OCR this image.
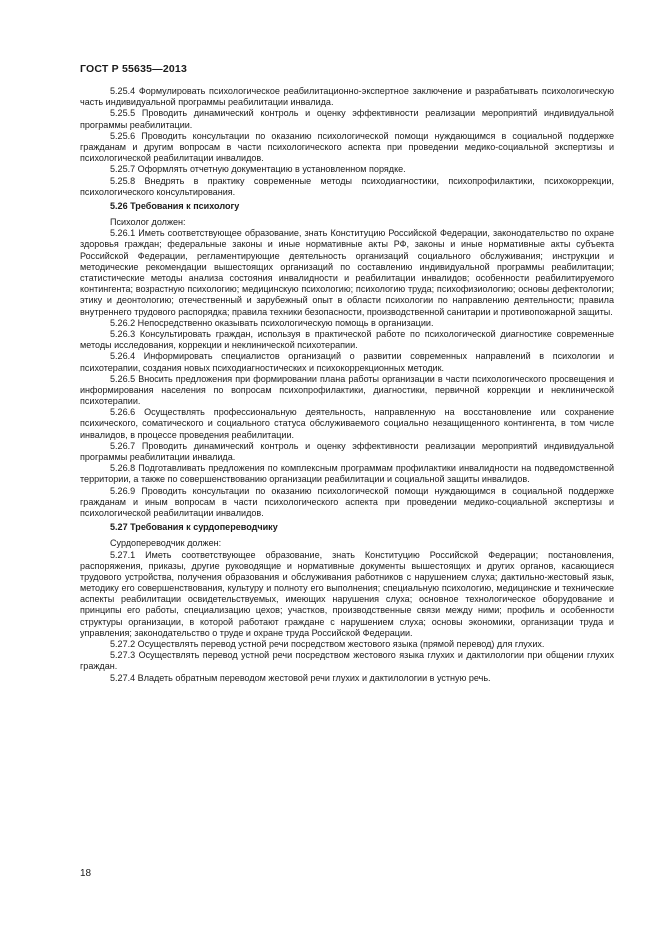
ГОСТ Р 55635—2013

5.25.4 Формулировать психологическое реабилитационно-экспертное заключение и разрабатывать психологическую часть индивидуальной программы реабилитации инвалида.

5.25.5 Проводить динамический контроль и оценку эффективности реализации мероприятий индивидуальной программы реабилитации.

5.25.6 Проводить консультации по оказанию психологической помощи нуждающимся в социальной поддержке гражданам и другим вопросам в части психологического аспекта при проведении медико-социальной экспертизы и психологической реабилитации инвалидов.

5.25.7 Оформлять отчетную документацию в установленном порядке.

5.25.8 Внедрять в практику современные методы психодиагностики, психопрофилактики, психокоррекции, психологического консультирования.

5.26 Требования к психологу

Психолог должен:

5.26.1 Иметь соответствующее образование, знать Конституцию Российской Федерации, законодательство по охране здоровья граждан; федеральные законы и иные нормативные акты РФ, законы и иные нормативные акты субъекта Российской Федерации, регламентирующие деятельность организаций социального обслуживания; инструкции и методические рекомендации вышестоящих организаций по составлению индивидуальной программы реабилитации; статистические методы анализа состояния инвалидности и реабилитации инвалидов; особенности реабилитируемого контингента; возрастную психологию; медицинскую психологию; психологию труда; психофизиологию; основы дефектологии; этику и деонтологию; отечественный и зарубежный опыт в области психологии по направлению деятельности; правила внутреннего трудового распорядка; правила техники безопасности, производственной санитарии и противопожарной защиты.

5.26.2 Непосредственно оказывать психологическую помощь в организации.

5.26.3 Консультировать граждан, используя в практической работе по психологической диагностике современные методы исследования, коррекции и неклинической психотерапии.

5.26.4 Информировать специалистов организаций о развитии современных направлений в психологии и психотерапии, создания новых психодиагностических и психокоррекционных методик.

5.26.5 Вносить предложения при формировании плана работы организации в части психологического просвещения и информирования населения по вопросам психопрофилактики, диагностики, первичной коррекции и неклинической психотерапии.

5.26.6 Осуществлять профессиональную деятельность, направленную на восстановление или сохранение психического, соматического и социального статуса обслуживаемого социально незащищенного контингента, в том числе инвалидов, в процессе проведения реабилитации.

5.26.7 Проводить динамический контроль и оценку эффективности реализации мероприятий индивидуальной программы реабилитации инвалида.

5.26.8 Подготавливать предложения по комплексным программам профилактики инвалидности на подведомственной территории, а также по совершенствованию организации реабилитации и социальной защиты инвалидов.

5.26.9 Проводить консультации по оказанию психологической помощи нуждающимся в социальной поддержке гражданам и иным вопросам в части психологического аспекта при проведении медико-социальной экспертизы и психологической реабилитации инвалидов.

5.27 Требования к сурдопереводчику

Сурдопереводчик должен:

5.27.1 Иметь соответствующее образование, знать Конституцию Российской Федерации; постановления, распоряжения, приказы, другие руководящие и нормативные документы вышестоящих и других органов, касающиеся трудового устройства, получения образования и обслуживания работников с нарушением слуха; дактильно-жестовый язык, методику его совершенствования, культуру и полноту его выполнения; специальную психологию, медицинские и технические аспекты реабилитации освидетельствуемых, имеющих нарушения слуха; основное технологическое оборудование и принципы его работы, специализацию цехов; участков, производственные связи между ними; профиль и особенности структуры организации, в которой работают граждане с нарушением слуха; основы экономики, организации труда и управления; законодательство о труде и охране труда Российской Федерации.

5.27.2 Осуществлять перевод устной речи посредством жестового языка (прямой перевод) для глухих.

5.27.3 Осуществлять перевод устной речи посредством жестового языка глухих и дактилологии при общении глухих граждан.

5.27.4 Владеть обратным переводом жестовой речи глухих и дактилологии в устную речь.

18
